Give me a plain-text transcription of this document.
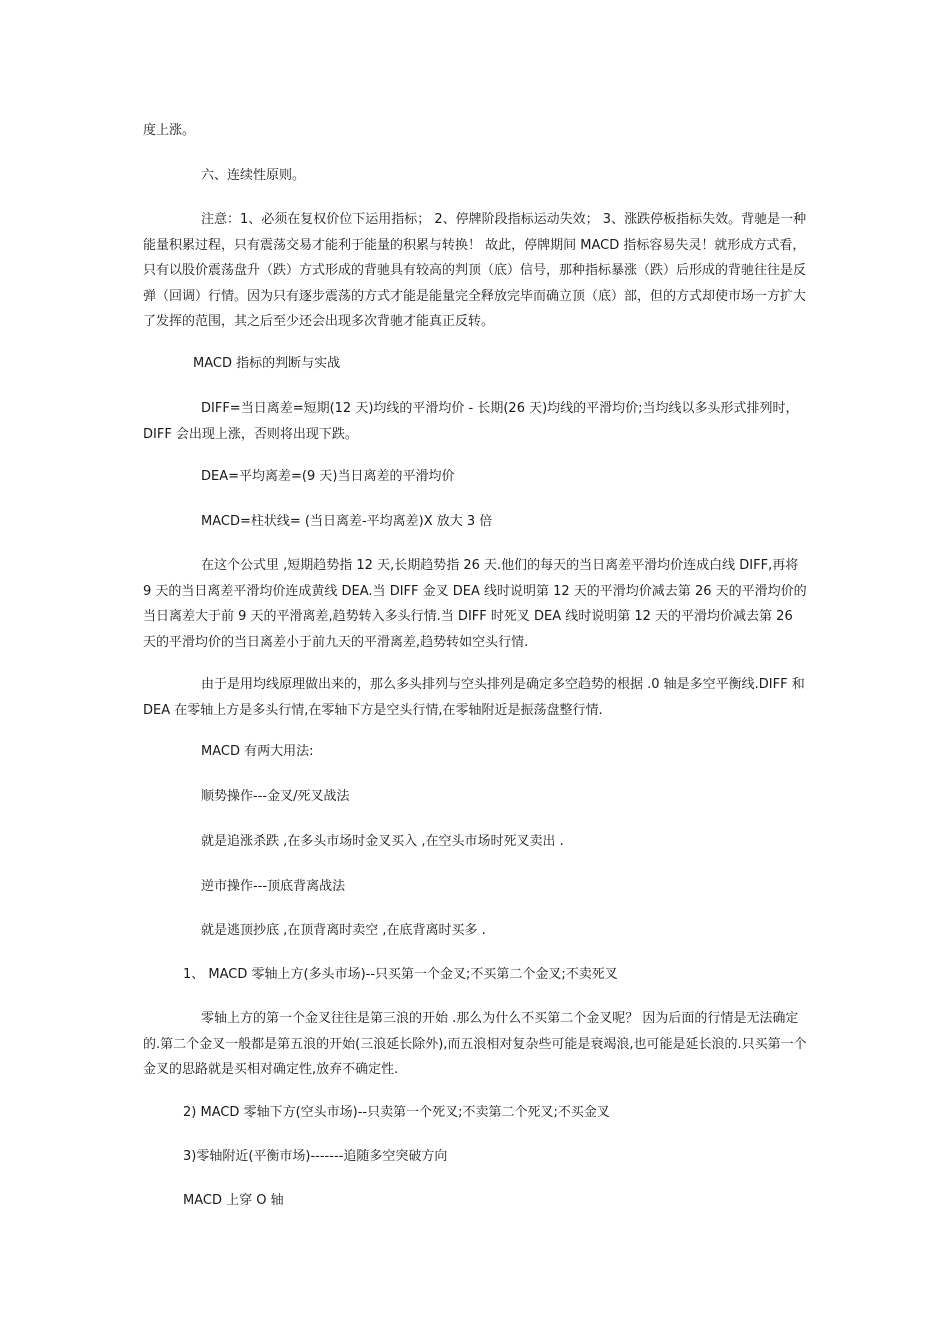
度上涨。

六、连续性原则。

注意：1、必须在复权价位下运用指标； 2、停牌阶段指标运动失效； 3、涨跌停板指标失效。背驰是一种能量积累过程，只有震荡交易才能利于能量的积累与转换！ 故此，停牌期间 MACD 指标容易失灵！就形成方式看，只有以股价震荡盘升（跌）方式形成的背驰具有较高的判顶（底）信号，那种指标暴涨（跌）后形成的背驰往往是反弹（回调）行情。因为只有逐步震荡的方式才能是能量完全释放完毕而确立顶（底）部，但的方式却使市场一方扩大了发挥的范围，其之后至少还会出现多次背驰才能真正反转。

MACD 指标的判断与实战

DIFF=当日离差=短期(12 天)均线的平滑均价 - 长期(26 天)均线的平滑均价;当均线以多头形式排列时，DIFF 会出现上涨，否则将出现下跌。

DEA=平均离差=(9 天)当日离差的平滑均价

MACD=柱状线= (当日离差-平均离差)X 放大 3 倍

在这个公式里 ,短期趋势指 12 天,长期趋势指 26 天.他们的每天的当日离差平滑均价连成白线 DIFF,再将 9 天的当日离差平滑均价连成黄线 DEA.当 DIFF 金叉 DEA 线时说明第 12 天的平滑均价减去第 26 天的平滑均价的当日离差大于前 9 天的平滑离差,趋势转入多头行情.当 DIFF 时死叉 DEA 线时说明第 12 天的平滑均价减去第 26 天的平滑均价的当日离差小于前九天的平滑离差,趋势转如空头行情.

由于是用均线原理做出来的，那么多头排列与空头排列是确定多空趋势的根据 .0 轴是多空平衡线.DIFF 和 DEA 在零轴上方是多头行情,在零轴下方是空头行情,在零轴附近是振荡盘整行情.

MACD 有两大用法:

顺势操作---金叉/死叉战法

就是追涨杀跌 ,在多头市场时金叉买入 ,在空头市场时死叉卖出 .

逆市操作---顶底背离战法

就是逃顶抄底 ,在顶背离时卖空 ,在底背离时买多 .

1、 MACD 零轴上方(多头市场)--只买第一个金叉;不买第二个金叉;不卖死叉

零轴上方的第一个金叉往往是第三浪的开始 .那么为什么不买第二个金叉呢？ 因为后面的行情是无法确定的.第二个金叉一般都是第五浪的开始(三浪延长除外),而五浪相对复杂些可能是衰竭浪,也可能是延长浪的.只买第一个金叉的思路就是买相对确定性,放弃不确定性.

2) MACD 零轴下方(空头市场)--只卖第一个死叉;不卖第二个死叉;不买金叉

3)零轴附近(平衡市场)-------追随多空突破方向

MACD 上穿 O 轴
